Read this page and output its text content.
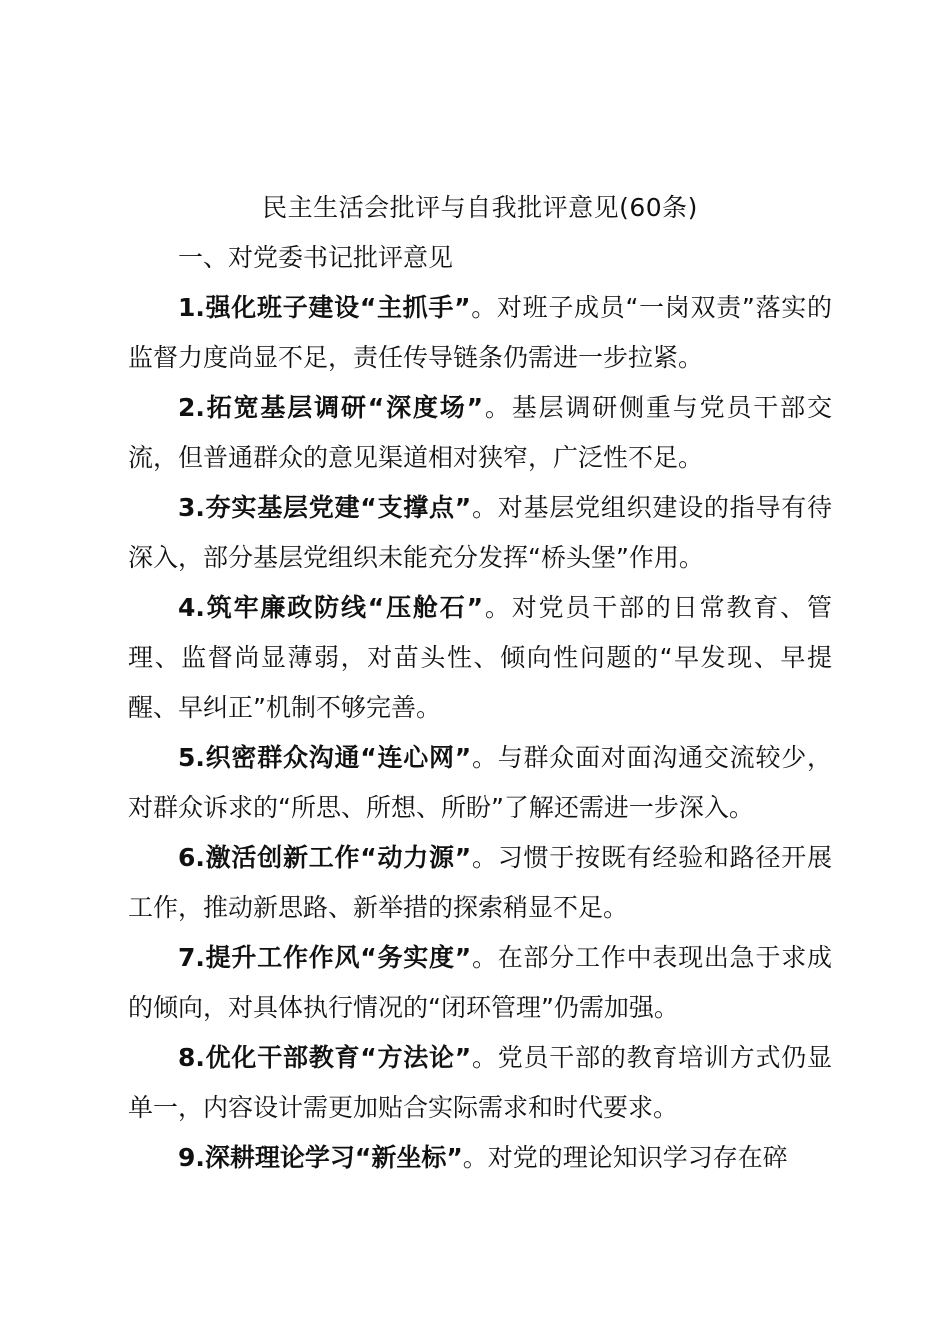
民主生活会批评与自我批评意见(60条)

一、对党委书记批评意见

1.强化班子建设“主抓手”。对班子成员“一岗双责”落实的监督力度尚显不足，责任传导链条仍需进一步拉紧。

2.拓宽基层调研“深度场”。基层调研侧重与党员干部交流，但普通群众的意见渠道相对狭窄，广泛性不足。

3.夯实基层党建“支撑点”。对基层党组织建设的指导有待深入，部分基层党组织未能充分发挥“桥头堡”作用。

4.筑牢廉政防线“压舱石”。对党员干部的日常教育、管理、监督尚显薄弱，对苗头性、倾向性问题的“早发现、早提醒、早纠正”机制不够完善。

5.织密群众沟通“连心网”。与群众面对面沟通交流较少，对群众诉求的“所思、所想、所盼”了解还需进一步深入。

6.激活创新工作“动力源”。习惯于按既有经验和路径开展工作，推动新思路、新举措的探索稍显不足。

7.提升工作作风“务实度”。在部分工作中表现出急于求成的倾向，对具体执行情况的“闭环管理”仍需加强。

8.优化干部教育“方法论”。党员干部的教育培训方式仍显单一，内容设计需更加贴合实际需求和时代要求。

9.深耕理论学习“新坐标”。对党的理论知识学习存在碎
